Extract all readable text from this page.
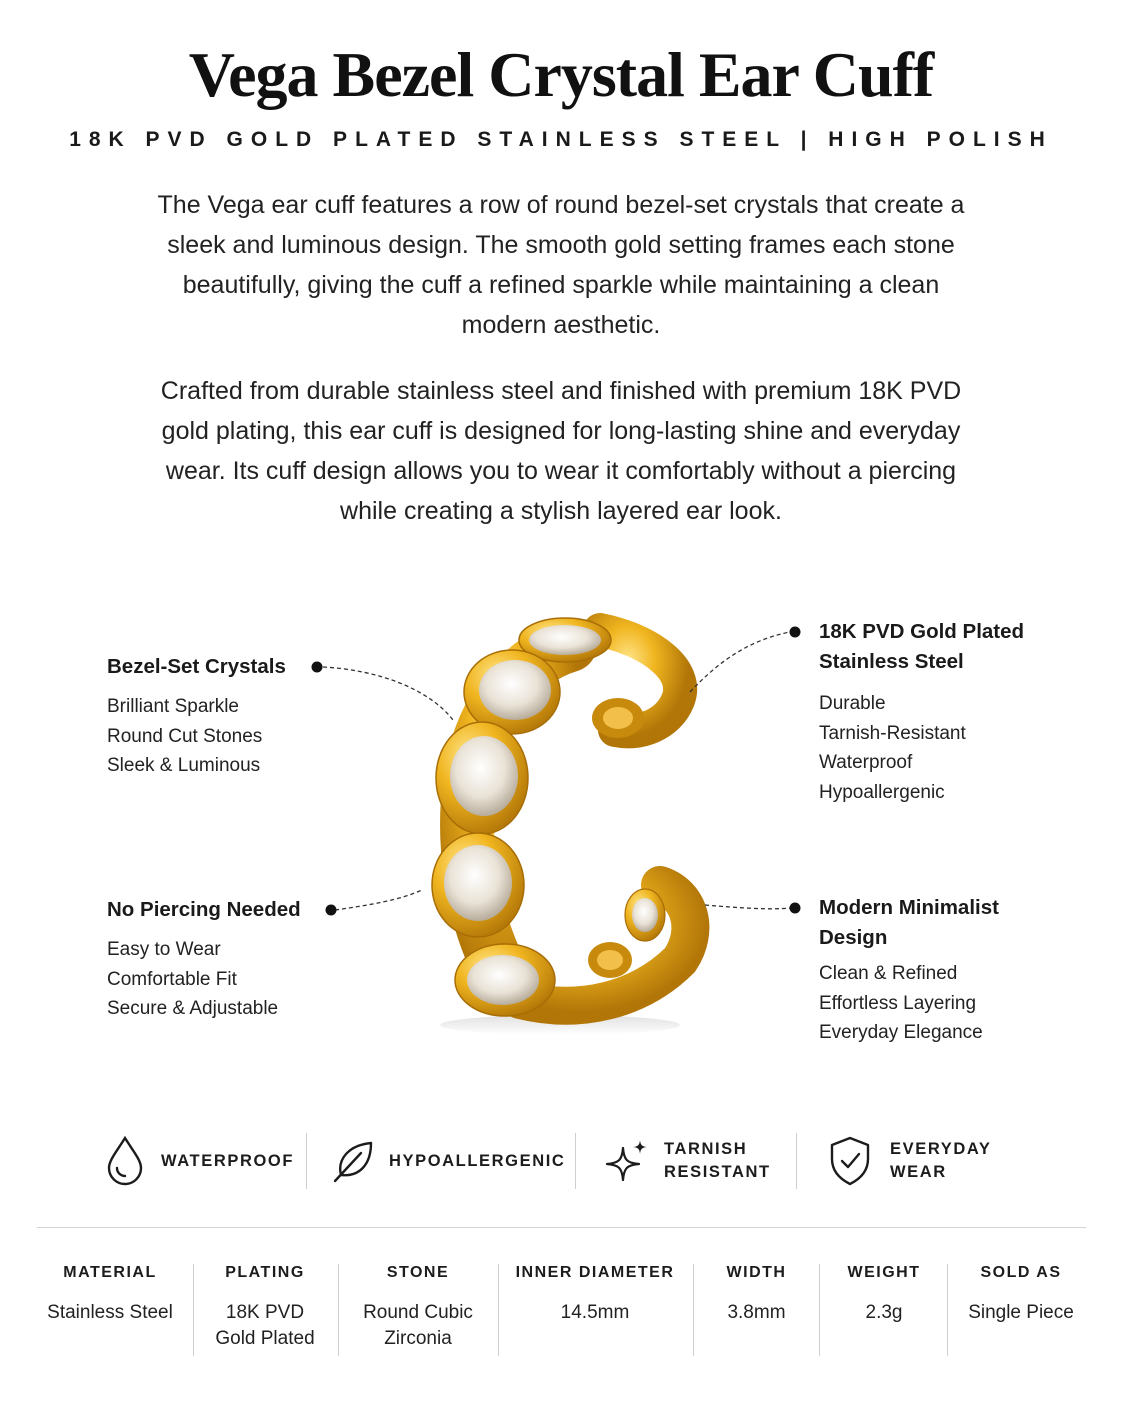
Vega Bezel Crystal Ear Cuff
18K PVD GOLD PLATED STAINLESS STEEL | HIGH POLISH
The Vega ear cuff features a row of round bezel-set crystals that create a sleek and luminous design. The smooth gold setting frames each stone beautifully, giving the cuff a refined sparkle while maintaining a clean modern aesthetic.
Crafted from durable stainless steel and finished with premium 18K PVD gold plating, this ear cuff is designed for long-lasting shine and everyday wear. Its cuff design allows you to wear it comfortably without a piercing while creating a stylish layered ear look.
Bezel-Set Crystals
Brilliant Sparkle
Round Cut Stones
Sleek & Luminous
No Piercing Needed
Easy to Wear
Comfortable Fit
Secure & Adjustable
18K PVD Gold Plated Stainless Steel
Durable
Tarnish-Resistant
Waterproof
Hypoallergenic
Modern Minimalist Design
Clean & Refined
Effortless Layering
Everyday Elegance
WATERPROOF	HYPOALLERGENIC
TARNISH RESISTANT
EVERYDAY WEAR
MATERIAL
Stainless Steel
PLATING
18K PVD Gold Plated
STONE
Round Cubic Zirconia
INNER DIAMETER
14.5mm
WIDTH
3.8mm
WEIGHT
2.3g
SOLD AS
Single Piece
